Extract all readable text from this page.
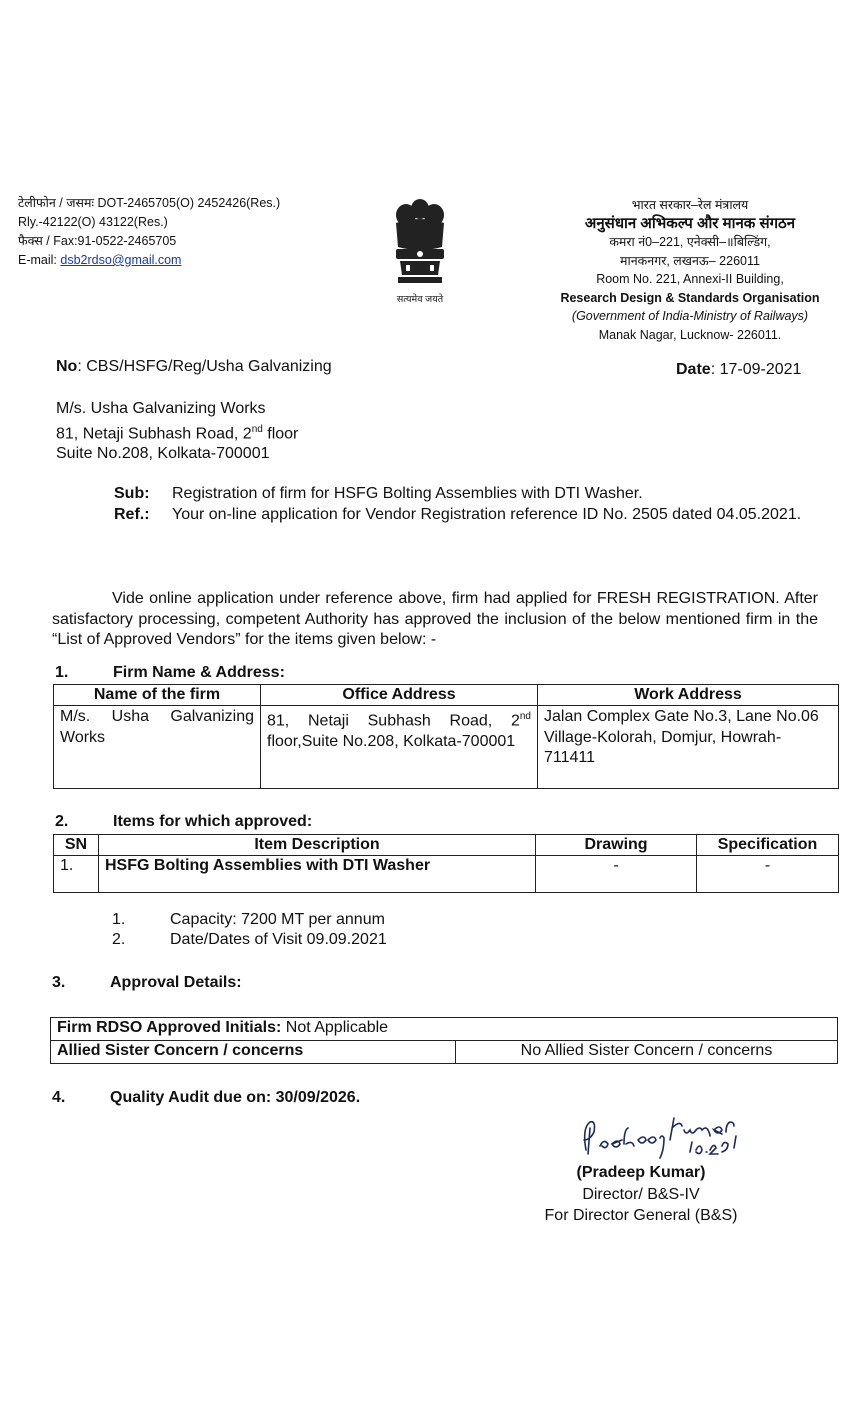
टेलीफोन / जसमः DOT-2465705(O) 2452426(Res.)
Rly.-42122(O) 43122(Res.)
फैक्स / Fax:91-0522-2465705
E-mail: dsb2rdso@gmail.com
सत्यमेव जयते
भारत सरकार–रेल मंत्रालय
अनुसंधान अभिकल्प और मानक संगठन
कमरा नं0–221, एनेक्सी–॥बिल्डिंग,
मानकनगर, लखनऊ– 226011
Room No. 221, Annexi-II Building,
Research Design & Standards Organisation
(Government of India-Ministry of Railways)
Manak Nagar, Lucknow- 226011.
No: CBS/HSFG/Reg/Usha Galvanizing	Date: 17-09-2021
M/s. Usha Galvanizing Works
81, Netaji Subhash Road, 2nd floor
Suite No.208, Kolkata-700001
Sub:	Registration of firm for HSFG Bolting Assemblies with DTI Washer.
Ref.:	Your on-line application for Vendor Registration reference ID No. 2505 dated 04.05.2021.
Vide online application under reference above, firm had applied for FRESH REGISTRATION. After satisfactory processing, competent Authority has approved the inclusion of the below mentioned firm in the “List of Approved Vendors” for the items given below: -
1.	Firm Name & Address:
Name of the firm	Office Address	Work Address
M/s. Usha Galvanizing Works	81, Netaji Subhash Road, 2nd floor,Suite No.208, Kolkata-700001	Jalan Complex Gate No.3, Lane No.06 Village-Kolorah, Domjur, Howrah-711411
2.	Items for which approved:
SN	Item Description	Drawing	Specification
1.	HSFG Bolting Assemblies with DTI Washer	-	-
1.	Capacity: 7200 MT per annum
2.	Date/Dates of Visit 09.09.2021
3.	Approval Details:
Firm RDSO Approved Initials: Not Applicable
Allied Sister Concern / concerns	No Allied Sister Concern / concerns
4.	Quality Audit due on: 30/09/2026.
(Pradeep Kumar)
Director/ B&S-IV
For Director General (B&S)
